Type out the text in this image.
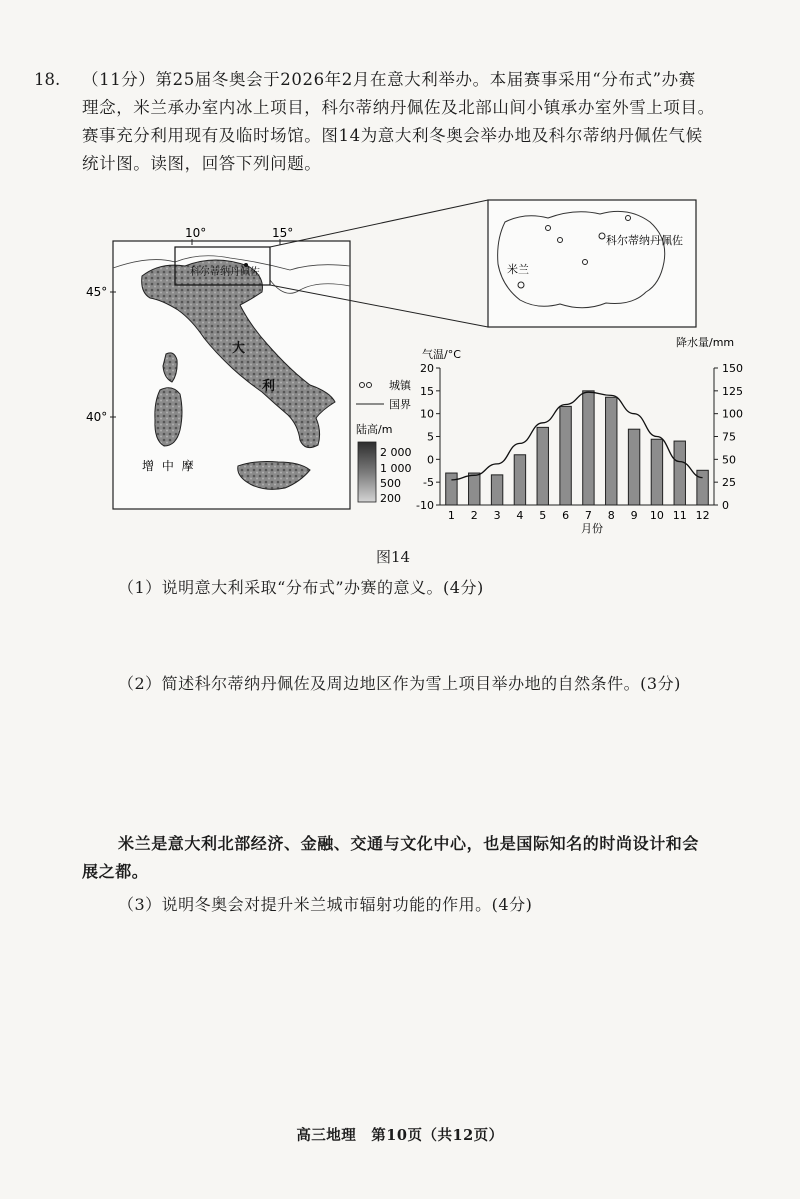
18. （11分）第25届冬奥会于2026年2月在意大利举办。本届赛事采用“分布式”办赛
理念，米兰承办室内冰上项目，科尔蒂纳丹佩佐及北部山间小镇承办室外雪上项目。
赛事充分利用现有及临时场馆。图14为意大利冬奥会举办地及科尔蒂纳丹佩佐气候
统计图。读图，回答下列问题。
10°	15°
45°
40°
大
利
增 中 摩
科尔蒂纳丹佩佐	米兰
科尔蒂纳丹佩佐
城镇
国界
陆高/m
2 000
1 000
500
200
20
15
10
5
0
-5
-10
150
125
100
75
50
25
0
气温/°C
降水量/mm
月份
1 2 3 4 5 6 7 8 9 10 11 12
图14
（1）说明意大利采取“分布式”办赛的意义。(4分)
（2）简述科尔蒂纳丹佩佐及周边地区作为雪上项目举办地的自然条件。(3分)
米兰是意大利北部经济、金融、交通与文化中心，也是国际知名的时尚设计和会
展之都。
（3）说明冬奥会对提升米兰城市辐射功能的作用。(4分)
高三地理　第10页（共12页）
